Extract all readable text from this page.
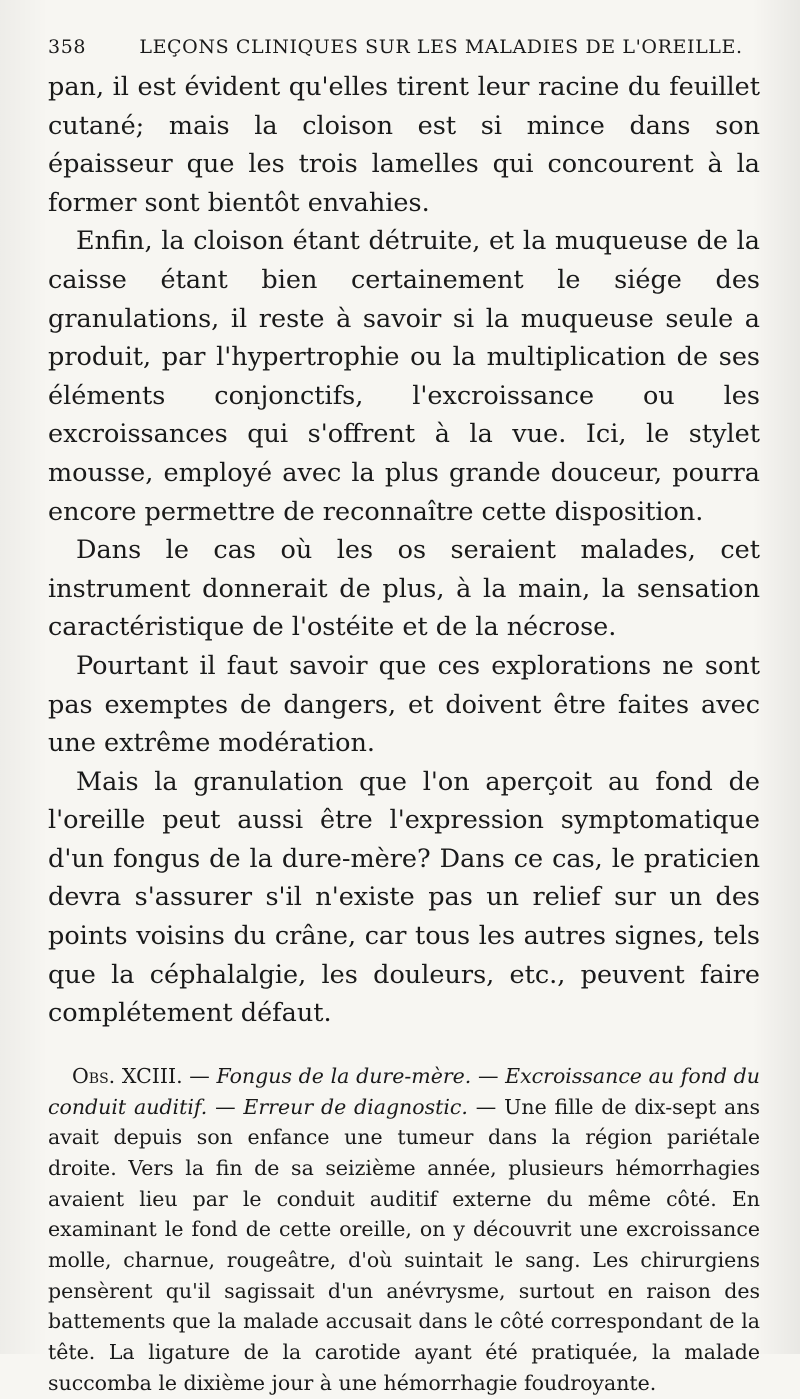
358	LEÇONS CLINIQUES SUR LES MALADIES DE L'OREILLE.

pan, il est évident qu'elles tirent leur racine du feuillet cutané; mais la cloison est si mince dans son épaisseur que les trois lamelles qui concourent à la former sont bientôt envahies.

Enfin, la cloison étant détruite, et la muqueuse de la caisse étant bien certainement le siége des granulations, il reste à savoir si la muqueuse seule a produit, par l'hypertrophie ou la multiplication de ses éléments conjonctifs, l'excroissance ou les excroissances qui s'offrent à la vue. Ici, le stylet mousse, employé avec la plus grande douceur, pourra encore permettre de reconnaître cette disposition.

Dans le cas où les os seraient malades, cet instrument donnerait de plus, à la main, la sensation caractéristique de l'ostéite et de la nécrose.

Pourtant il faut savoir que ces explorations ne sont pas exemptes de dangers, et doivent être faites avec une extrême modération.

Mais la granulation que l'on aperçoit au fond de l'oreille peut aussi être l'expression symptomatique d'un fongus de la dure-mère? Dans ce cas, le praticien devra s'assurer s'il n'existe pas un relief sur un des points voisins du crâne, car tous les autres signes, tels que la céphalalgie, les douleurs, etc., peuvent faire complétement défaut.

Obs. XCIII. — Fongus de la dure-mère. — Excroissance au fond du conduit auditif. — Erreur de diagnostic. — Une fille de dix-sept ans avait depuis son enfance une tumeur dans la région pariétale droite. Vers la fin de sa seizième année, plusieurs hémorrhagies avaient lieu par le conduit auditif externe du même côté. En examinant le fond de cette oreille, on y découvrit une excroissance molle, charnue, rougeâtre, d'où suintait le sang. Les chirurgiens pensèrent qu'il sagissait d'un anévrysme, surtout en raison des battements que la malade accusait dans le côté correspondant de la tête. La ligature de la carotide ayant été pratiquée, la malade succomba le dixième jour à une hémorrhagie foudroyante.
